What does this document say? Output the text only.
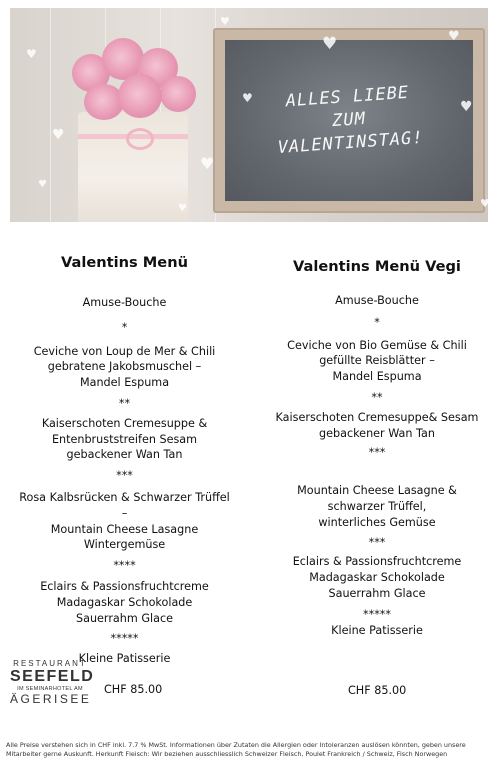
ALLES LIEBE
ZUM
VALENTINSTAG!
♥
♥
♥
♥
♥
♥	♥
♥
♥
♥	♥
Valentins Menü

Amuse-Bouche

*

Ceviche von Loup de Mer & Chili
gebratene Jakobsmuschel –
Mandel Espuma

**

Kaiserschoten Cremesuppe &
Entenbruststreifen Sesam
gebackener Wan Tan

***

Rosa Kalbsrücken & Schwarzer Trüffel –
Mountain Cheese Lasagne
Wintergemüse

****

Eclairs & Passionsfruchtcreme
Madagaskar Schokolade
Sauerrahm Glace

*****

Kleine Patisserie

Valentins Menü Vegi

Amuse-Bouche

*

Ceviche von Bio Gemüse & Chili
gefüllte Reisblätter –
Mandel Espuma

**

Kaiserschoten Cremesuppe& Sesam
gebackener Wan Tan

***

Mountain Cheese Lasagne &
schwarzer Trüffel,
winterliches Gemüse

***

Eclairs & Passionsfruchtcreme
Madagaskar Schokolade
Sauerrahm Glace

*****

Kleine Patisserie

RESTAURANT
SEEFELD
IM SEMINARHOTEL AM
ÄGERISEE
CHF 85.00	CHF 85.00
Alle Preise verstehen sich in CHF inkl. 7.7 % MwSt. Informationen über Zutaten die Allergien oder Intoleranzen auslösen könnten, geben unsere Mitarbeiter gerne Auskunft. Herkunft Fleisch: Wir beziehen ausschliesslich Schweizer Fleisch, Poulet Frankreich / Schweiz, Fisch Norwegen
